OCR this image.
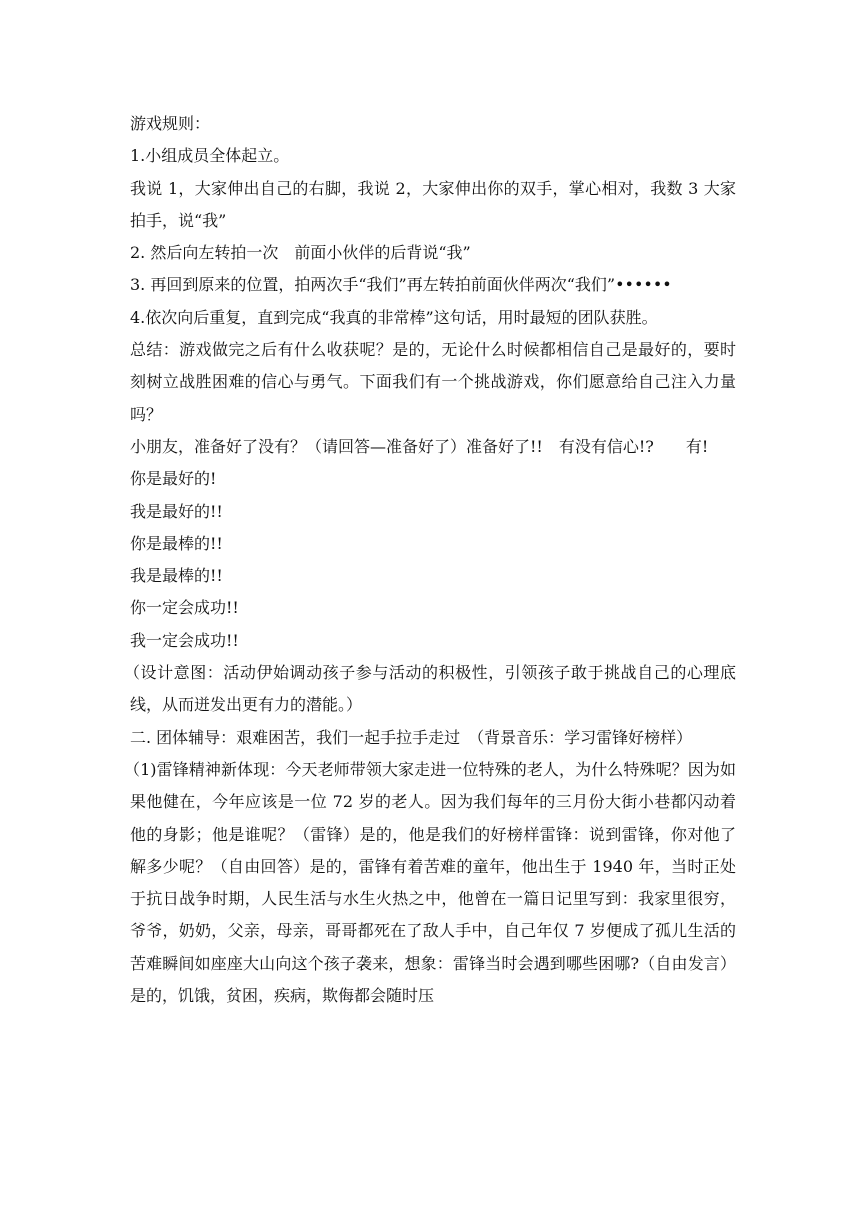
游戏规则：

1.小组成员全体起立。

我说 1，大家伸出自己的右脚，我说 2，大家伸出你的双手，掌心相对，我数 3 大家拍手，说“我”

2. 然后向左转拍一次　前面小伙伴的后背说“我”

3. 再回到原来的位置，拍两次手“我们”再左转拍前面伙伴两次“我们”••••••

4.依次向后重复，直到完成“我真的非常棒”这句话，用时最短的团队获胜。

总结：游戏做完之后有什么收获呢？是的，无论什么时候都相信自己是最好的，要时刻树立战胜困难的信心与勇气。下面我们有一个挑战游戏，你们愿意给自己注入力量吗？

小朋友，准备好了没有？（请回答—准备好了）准备好了!!　有没有信心!?　　有!

你是最好的!

我是最好的!!

你是最棒的!!

我是最棒的!!

你一定会成功!!

我一定会成功!!

（设计意图：活动伊始调动孩子参与活动的积极性，引领孩子敢于挑战自己的心理底线，从而迸发出更有力的潜能。）

二. 团体辅导：艰难困苦，我们一起手拉手走过　（背景音乐：学习雷锋好榜样）

（1)雷锋精神新体现：今天老师带领大家走进一位特殊的老人，为什么特殊呢？因为如果他健在，今年应该是一位 72 岁的老人。因为我们每年的三月份大街小巷都闪动着他的身影；他是谁呢？（雷锋）是的，他是我们的好榜样雷锋：说到雷锋，你对他了解多少呢？（自由回答）是的，雷锋有着苦难的童年，他出生于 1940 年，当时正处于抗日战争时期，人民生活与水生火热之中，他曾在一篇日记里写到：我家里很穷，爷爷，奶奶，父亲，母亲，哥哥都死在了敌人手中，自己年仅 7 岁便成了孤儿生活的苦难瞬间如座座大山向这个孩子袭来，想象：雷锋当时会遇到哪些困哪?（自由发言）是的，饥饿，贫困，疾病，欺侮都会随时压
